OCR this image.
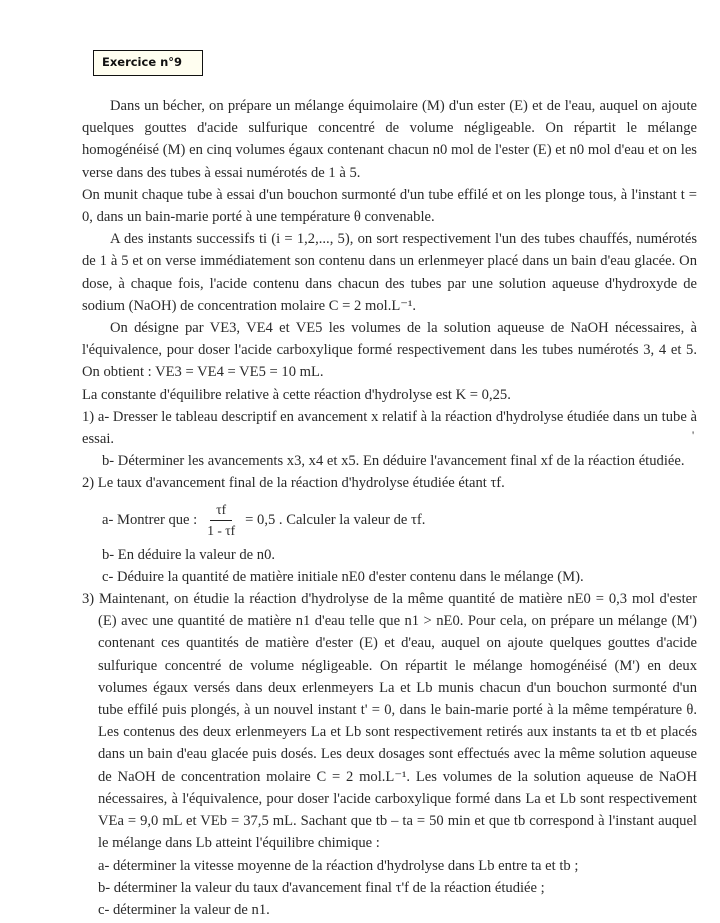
Exercice n°9

Dans un bécher, on prépare un mélange équimolaire (M) d'un ester (E) et de l'eau, auquel on ajoute quelques gouttes d'acide sulfurique concentré de volume négligeable. On répartit le mélange homogénéisé (M) en cinq volumes égaux contenant chacun n0 mol de l'ester (E) et n0 mol d'eau et on les verse dans des tubes à essai numérotés de 1 à 5.

On munit chaque tube à essai d'un bouchon surmonté d'un tube effilé et on les plonge tous, à l'instant t = 0, dans un bain-marie porté à une température θ convenable.

A des instants successifs ti (i = 1,2,..., 5), on sort respectivement l'un des tubes chauffés, numérotés de 1 à 5 et on verse immédiatement son contenu dans un erlenmeyer placé dans un bain d'eau glacée. On dose, à chaque fois, l'acide contenu dans chacun des tubes par une solution aqueuse d'hydroxyde de sodium (NaOH) de concentration molaire C = 2 mol.L⁻¹.

On désigne par VE3, VE4 et VE5 les volumes de la solution aqueuse de NaOH nécessaires, à l'équivalence, pour doser l'acide carboxylique formé respectivement dans les tubes numérotés 3, 4 et 5. On obtient : VE3 = VE4 = VE5 = 10 mL.

La constante d'équilibre relative à cette réaction d'hydrolyse est K = 0,25.

1) a- Dresser le tableau descriptif en avancement x relatif à la réaction d'hydrolyse étudiée dans un tube à essai.

b- Déterminer les avancements x3, x4 et x5. En déduire l'avancement final xf de la réaction étudiée.

2) Le taux d'avancement final de la réaction d'hydrolyse étudiée étant τf.

a- Montrer que : $\frac{\tau f}{1 - \tau f} = 0,5$ . Calculer la valeur de τf.

b- En déduire la valeur de n0.

c- Déduire la quantité de matière initiale nE0 d'ester contenu dans le mélange (M).

3) Maintenant, on étudie la réaction d'hydrolyse de la même quantité de matière nE0 = 0,3 mol d'ester (E) avec une quantité de matière n1 d'eau telle que n1 > nE0. Pour cela, on prépare un mélange (M') contenant ces quantités de matière d'ester (E) et d'eau, auquel on ajoute quelques gouttes d'acide sulfurique concentré de volume négligeable. On répartit le mélange homogénéisé (M') en deux volumes égaux versés dans deux erlenmeyers La et Lb munis chacun d'un bouchon surmonté d'un tube effilé puis plongés, à un nouvel instant t' = 0, dans le bain-marie porté à la même température θ. Les contenus des deux erlenmeyers La et Lb sont respectivement retirés aux instants ta et tb et placés dans un bain d'eau glacée puis dosés. Les deux dosages sont effectués avec la même solution aqueuse de NaOH de concentration molaire C = 2 mol.L⁻¹. Les volumes de la solution aqueuse de NaOH nécessaires, à l'équivalence, pour doser l'acide carboxylique formé dans La et Lb sont respectivement VEa = 9,0 mL et VEb = 37,5 mL. Sachant que tb – ta = 50 min et que tb correspond à l'instant auquel le mélange dans Lb atteint l'équilibre chimique :

a- déterminer la vitesse moyenne de la réaction d'hydrolyse dans Lb entre ta et tb ;

b- déterminer la valeur du taux d'avancement final τ'f de la réaction étudiée ;

c- déterminer la valeur de n1.

'
